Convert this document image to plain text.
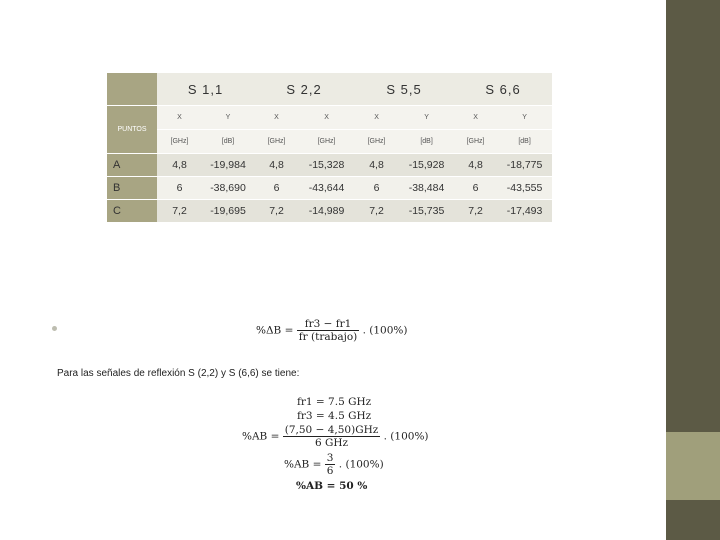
	S 1,1		S 2,2		S 5,5		S 6,6	
PUNTOS	X	Y	X	X	X	Y	X	Y
	[GHz]	[dB]	[GHz]	[GHz]	[GHz]	[dB]	[GHz]	[dB]
A	4,8	-19,984	4,8	-15,328	4,8	-15,928	4,8	-18,775
B	6	-38,690	6	-43,644	6	-38,484	6	-43,555
C	7,2	-19,695	7,2	-14,989	7,2	-15,735	7,2	-17,493
$\%\Delta B = \frac{fr3 - fr1}{\text{fr (trabajo)}}$ . (100%)
Para las señales de reflexión S (2,2) y S (6,6) se tiene:
fr1 = 7.5 GHz
fr3 = 4.5 GHz
$\%AB = \frac{\text{(7,50 − 4,50)GHz}}{\text{6 GHz}}$ . (100%)
$\%AB = \frac{3}{6}$ . (100%)
%AB = 50 %
